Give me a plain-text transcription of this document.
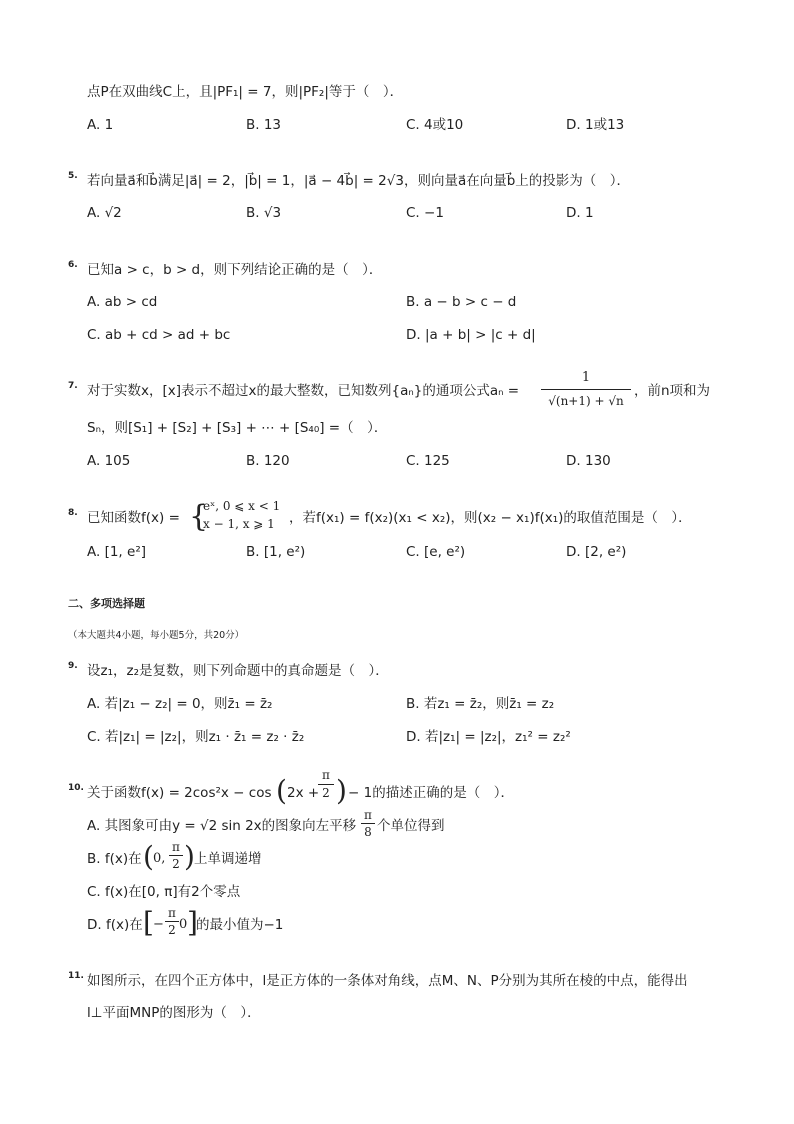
点P在双曲线C上，且|PF₁| = 7，则|PF₂|等于（　）．
A. 1	B. 13	C. 4或10	D. 1或13
5. 若向量a⃗和b⃗满足|a⃗| = 2，|b⃗| = 1，|a⃗ − 4b⃗| = 2√3，则向量a⃗在向量b⃗上的投影为（　）．
A. √2	B. √3	C. −1	D. 1
6. 已知a > c，b > d，则下列结论正确的是（　）．
A. ab > cd	B. a − b > c − d
C. ab + cd > ad + bc	D. |a + b| > |c + d|
7. 对于实数x，[x]表示不超过x的最大整数，已知数列{aₙ}的通项公式aₙ =
1
√(n+1) + √n
，前n项和为
Sₙ，则[S₁] + [S₂] + [S₃] + ⋯ + [S₄₀] =（　）．
A. 105	B. 120	C. 125	D. 130
8. 已知函数f(x) = {
eˣ, 0 ⩽ x < 1
x − 1, x ⩾ 1 ，若f(x₁) = f(x₂)(x₁ < x₂)，则(x₂ − x₁)f(x₁)的取值范围是（　）．
A. [1, e²]	B. [1, e²)	C. [e, e²)	D. [2, e²)
二、多项选择题
（本大题共4小题，每小题5分，共20分）
9. 设z₁，z₂是复数，则下列命题中的真命题是（　）．
A. 若|z₁ − z₂| = 0，则z̄₁ = z̄₂	B. 若z₁ = z̄₂，则z̄₁ = z₂
C. 若|z₁| = |z₂|，则z₁ · z̄₁ = z₂ · z̄₂	D. 若|z₁| = |z₂|，z₁² = z₂²
10. 关于函数f(x) = 2cos²x − cos ( 2x +
π
2 ) − 1的描述正确的是（　）．
A. 其图象可由y = √2 sin 2x的图象向左平移
π
8 个单位得到
B. f(x)在 ( 0,
π
2 ) 上单调递增
C. f(x)在[0, π]有2个零点
D. f(x)在 [ −
π
2 0 ]
的最小值为−1
11. 如图所示，在四个正方体中，l是正方体的一条体对角线，点M、N、P分别为其所在棱的中点，能得出
l⊥平面MNP的图形为（　）．
